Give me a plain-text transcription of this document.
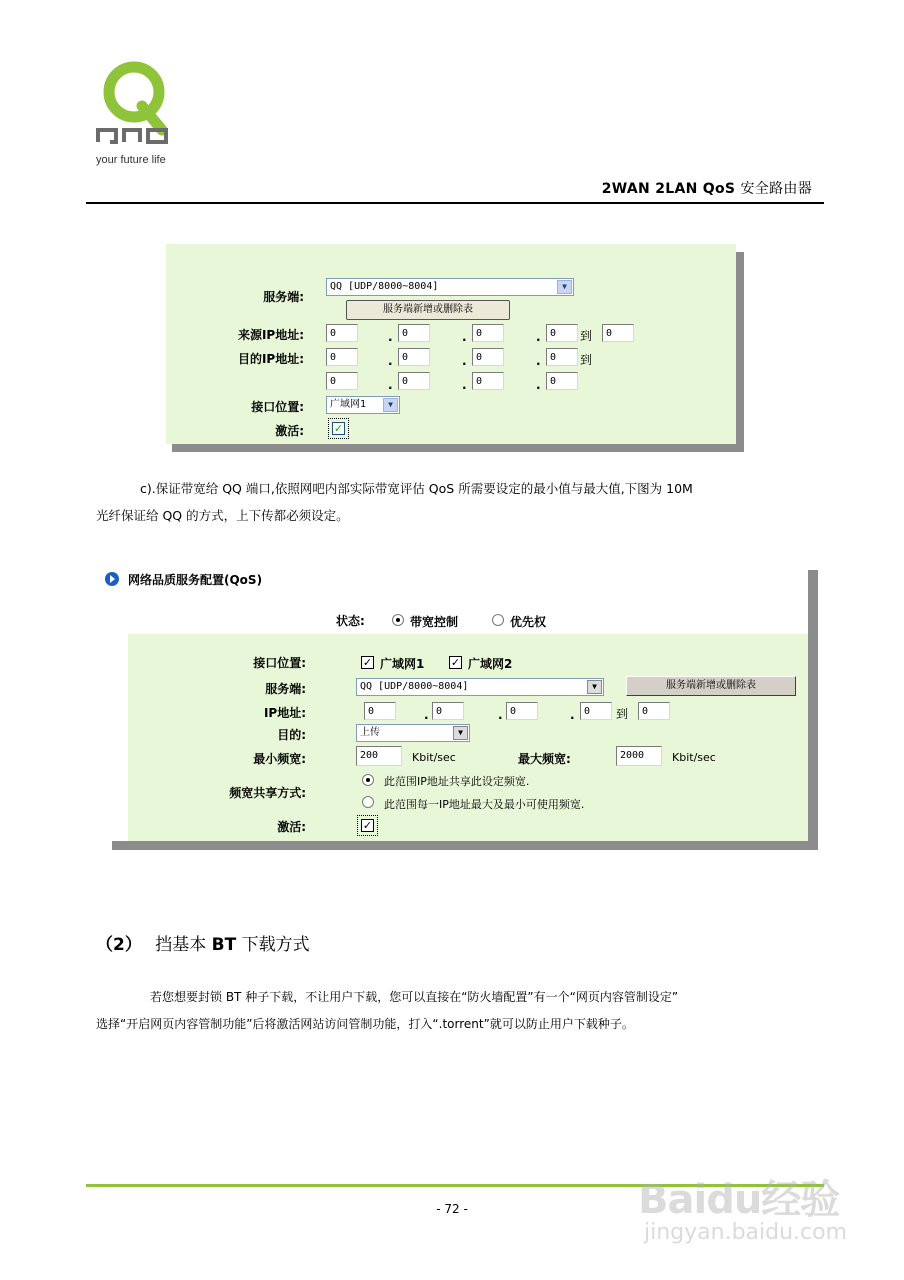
your future life
2WAN 2LAN QoS 安全路由器
服务端:
QQ [UDP/8000~8004]	▼
服务端新增或删除表
来源IP地址:	0	. 0	. 0	. 0	到	0
目的IP地址:	0	. 0	. 0	. 0	到
0	. 0	. 0	. 0
接口位置:	广域网1	▼
激活:	✓
c).保证带宽给 QQ 端口,依照网吧内部实际带宽评估 QoS 所需要设定的最小值与最大值,下图为 10M
光纤保证给 QQ 的方式，上下传都必须设定。
网络品质服务配置(QoS)
状态:	带宽控制	优先权
接口位置:	✓ 广域网1 ✓ 广域网2
服务端:	QQ [UDP/8000~8004]	▼	服务端新增或删除表
IP地址:	0	. 0	. 0	. 0	到	0
目的:	上传	▼
最小频宽:	200	Kbit/sec	最大频宽:	2000	Kbit/sec
频宽共享方式:
此范围IP地址共享此设定频宽.
此范围每一IP地址最大及最小可使用频宽.
激活:	✓
（2） 挡基本 BT 下载方式
若您想要封锁 BT 种子下载，不让用户下载，您可以直接在“防火墙配置”有一个“网页内容管制设定”
选择“开启网页内容管制功能”后将激活网站访问管制功能，打入“.torrent”就可以防止用户下载种子。
- 72 -	Baidu经验
jingyan.baidu.com
